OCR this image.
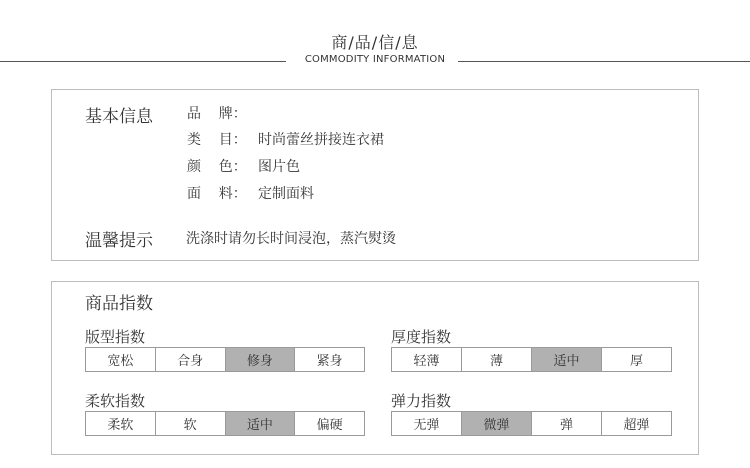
商/品/信/息
COMMODITY INFORMATION
基本信息 品    牌：
类    目： 时尚蕾丝拼接连衣裙
颜    色： 图片色
面    料： 定制面料
温馨提示 洗涤时请勿长时间浸泡，蒸汽熨烫
商品指数
版型指数
宽松	合身	修身	紧身
厚度指数
轻薄	薄	适中	厚
柔软指数
柔软	软	适中	偏硬
弹力指数
无弹	微弹	弹	超弹
